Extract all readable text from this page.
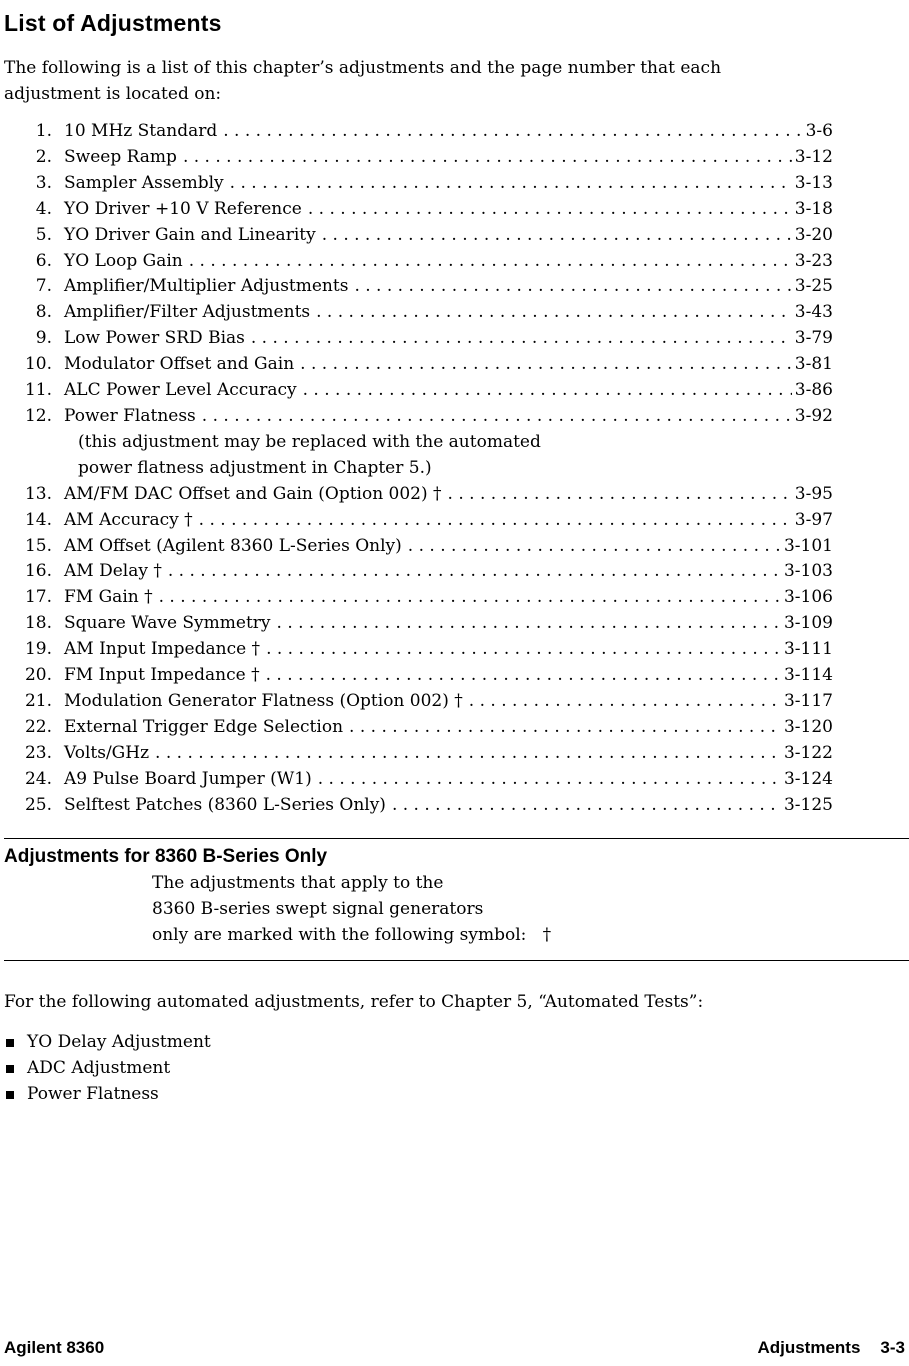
List of Adjustments

The following is a list of this chapter’s adjustments and the page number that each adjustment is located on:

1. 10 MHz Standard . . .	3-6
2. Sweep Ramp . . .	3-12
3. Sampler Assembly . . .	3-13
4. YO Driver +10 V Reference . . .	3-18
5. YO Driver Gain and Linearity . . .	3-20
6. YO Loop Gain . . .	3-23
7. Amplifier/Multiplier Adjustments . . .	3-25
8. Amplifier/Filter Adjustments . . .	3-43
9. Low Power SRD Bias . . .	3-79
10. Modulator Offset and Gain . . .	3-81
11. ALC Power Level Accuracy . . .	3-86
12. Power Flatness . . .	3-92
(this adjustment may be replaced with the automated
power flatness adjustment in Chapter 5.)
13. AM/FM DAC Offset and Gain (Option 002) † . . .	3-95
14. AM Accuracy † . . .	3-97
15. AM Offset (Agilent 8360 L-Series Only) . . .	3-101
16. AM Delay † . . .	3-103
17. FM Gain † . . .	3-106
18. Square Wave Symmetry . . .	3-109
19. AM Input Impedance † . . .	3-111
20. FM Input Impedance † . . .	3-114
21. Modulation Generator Flatness (Option 002) † . . .	3-117
22. External Trigger Edge Selection . . .	3-120
23. Volts/GHz . . .	3-122
24. A9 Pulse Board Jumper (W1) . . .	3-124
25. Selftest Patches (8360 L-Series Only) . . .	3-125
Adjustments for 8360 B-Series Only
The adjustments that apply to the
8360 B-series swept signal generators
only are marked with the following symbol:   †

For the following automated adjustments, refer to Chapter 5, “Automated Tests”:

YO Delay Adjustment
ADC Adjustment
Power Flatness
Agilent 8360	Adjustments 3-3
